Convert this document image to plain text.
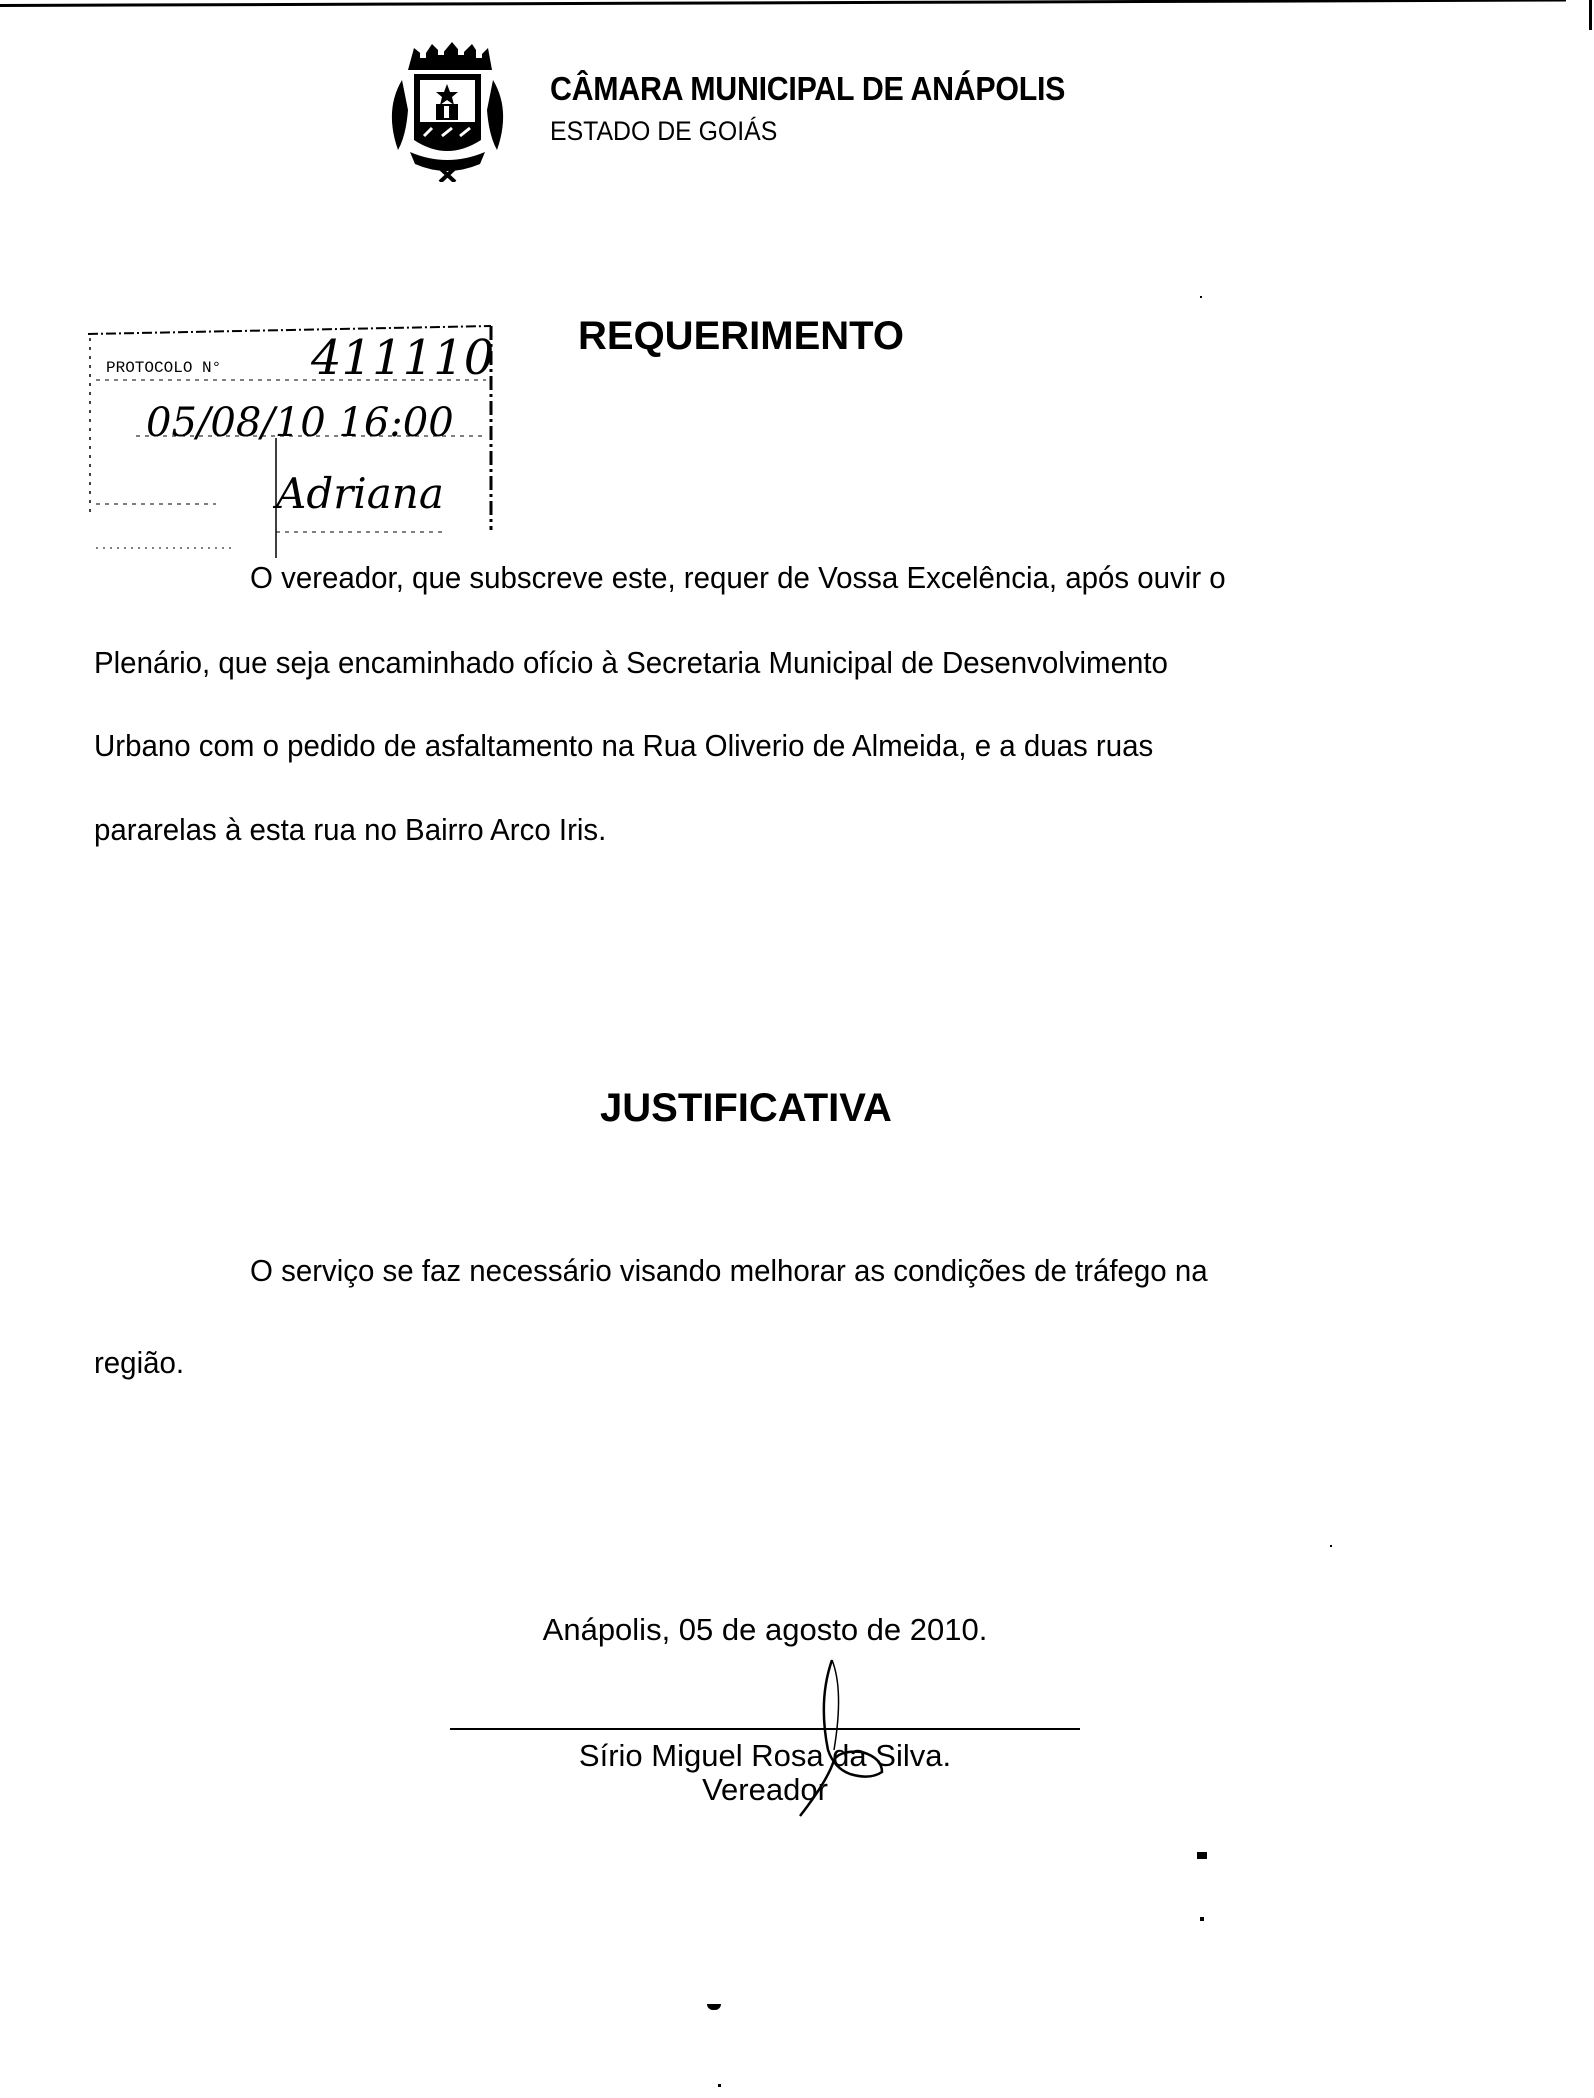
CÂMARA MUNICIPAL DE ANÁPOLIS
ESTADO DE GOIÁS
PROTOCOLO N° 411110
05/08/10 16:00
Adriana
REQUERIMENTO
O vereador, que subscreve este, requer de Vossa Excelência, após ouvir o
Plenário, que seja encaminhado ofício à Secretaria Municipal de Desenvolvimento
Urbano com o pedido de asfaltamento na Rua Oliverio de Almeida, e a duas ruas
pararelas à esta rua no Bairro Arco Iris.
JUSTIFICATIVA
O serviço se faz necessário visando melhorar as condições de tráfego na
região.
Anápolis, 05 de agosto de 2010.
Sírio Miguel Rosa da Silva.
Vereador
